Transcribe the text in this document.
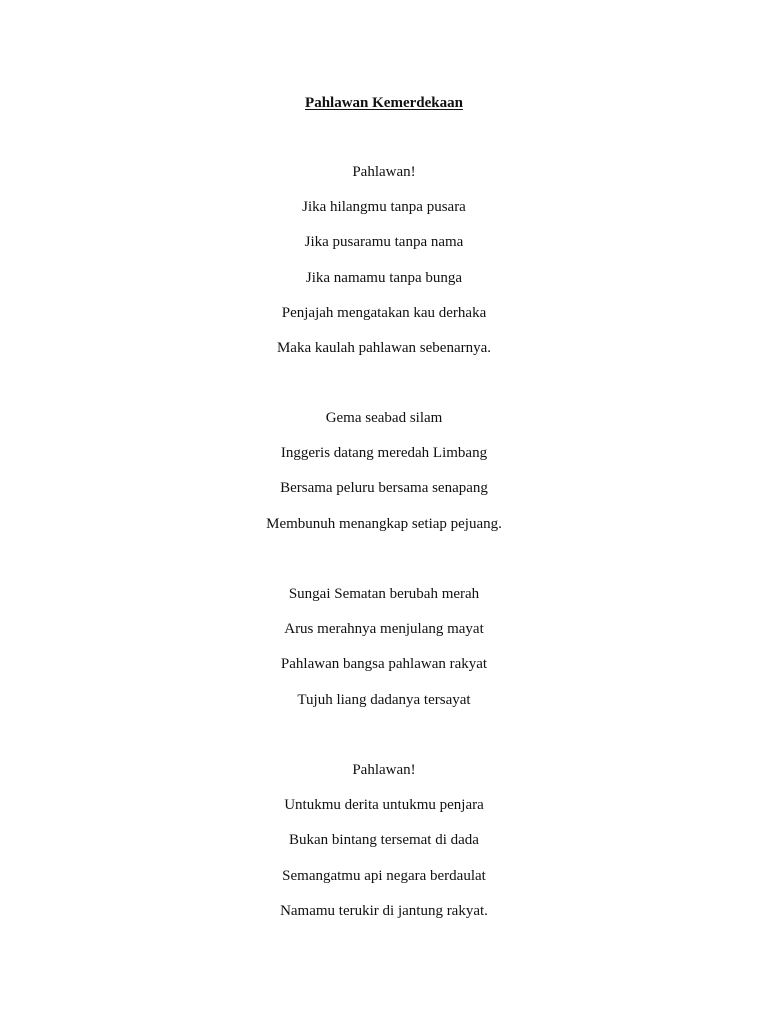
Pahlawan Kemerdekaan

Pahlawan!

Jika hilangmu tanpa pusara

Jika pusaramu tanpa nama

Jika namamu tanpa bunga

Penjajah mengatakan kau derhaka

Maka kaulah pahlawan sebenarnya.

Gema seabad silam

Inggeris datang meredah Limbang

Bersama peluru bersama senapang

Membunuh menangkap setiap pejuang.

Sungai Sematan berubah merah

Arus merahnya menjulang mayat

Pahlawan bangsa pahlawan rakyat

Tujuh liang dadanya tersayat

Pahlawan!

Untukmu derita untukmu penjara

Bukan bintang tersemat di dada

Semangatmu api negara berdaulat

Namamu terukir di jantung rakyat.
